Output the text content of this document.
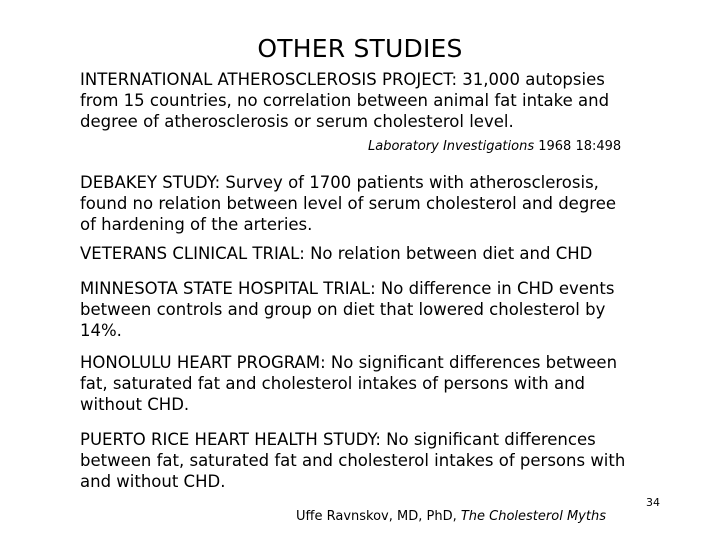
OTHER STUDIES
INTERNATIONAL ATHEROSCLEROSIS PROJECT: 31,000 autopsies
from 15 countries, no correlation between animal fat intake and
degree of atherosclerosis or serum cholesterol level.
Laboratory Investigations 1968 18:498
DEBAKEY STUDY: Survey of 1700 patients with atherosclerosis,
found no relation between level of serum cholesterol and degree
of hardening of the arteries.
VETERANS CLINICAL TRIAL: No relation between diet and CHD
MINNESOTA STATE HOSPITAL TRIAL: No difference in CHD events
between controls and group on diet that lowered cholesterol by
14%.
HONOLULU HEART PROGRAM: No significant differences between
fat, saturated fat and cholesterol intakes of persons with and
without CHD.
PUERTO RICE HEART HEALTH STUDY: No significant differences
between fat, saturated fat and cholesterol intakes of persons with
and without CHD.
Uffe Ravnskov, MD, PhD, The Cholesterol Myths
34
